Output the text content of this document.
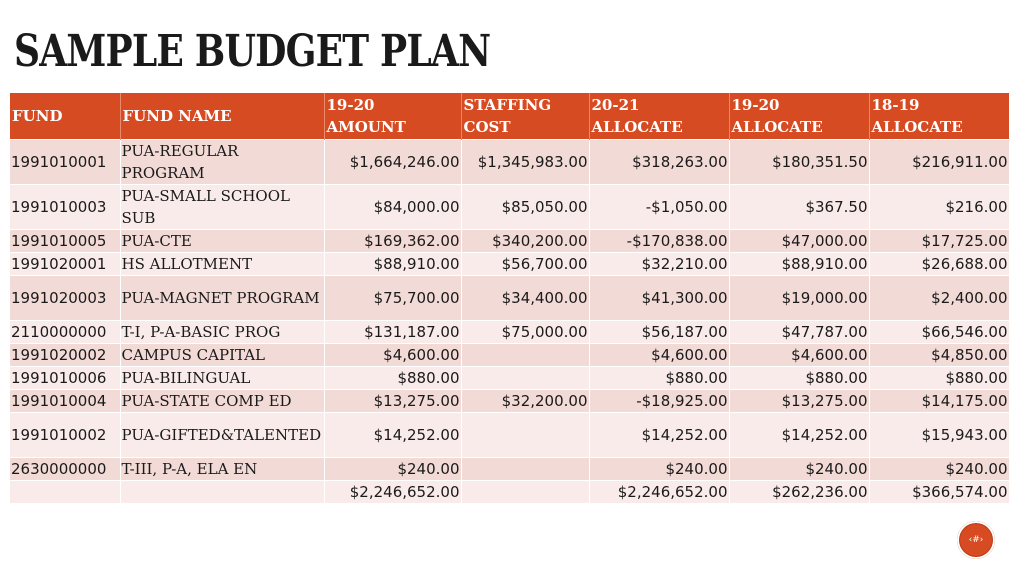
SAMPLE BUDGET PLAN
FUND	FUND NAME	19-20 AMOUNT	STAFFING COST	20-21 ALLOCATE	19-20 ALLOCATE	18-19 ALLOCATE
1991010001	PUA-REGULAR PROGRAM	$1,664,246.00	$1,345,983.00	$318,263.00	$180,351.50	$216,911.00
1991010003	PUA-SMALL SCHOOL SUB	$84,000.00	$85,050.00	-$1,050.00	$367.50	$216.00
1991010005	PUA-CTE	$169,362.00	$340,200.00	-$170,838.00	$47,000.00	$17,725.00
1991020001	HS ALLOTMENT	$88,910.00	$56,700.00	$32,210.00	$88,910.00	$26,688.00
1991020003	PUA-MAGNET PROGRAM	$75,700.00	$34,400.00	$41,300.00	$19,000.00	$2,400.00
2110000000	T-I, P-A-BASIC PROG	$131,187.00	$75,000.00	$56,187.00	$47,787.00	$66,546.00
1991020002	CAMPUS CAPITAL	$4,600.00		$4,600.00	$4,600.00	$4,850.00
1991010006	PUA-BILINGUAL	$880.00		$880.00	$880.00	$880.00
1991010004	PUA-STATE COMP ED	$13,275.00	$32,200.00	-$18,925.00	$13,275.00	$14,175.00
1991010002	PUA-GIFTED&TALENTED	$14,252.00		$14,252.00	$14,252.00	$15,943.00
2630000000	T-III, P-A, ELA EN	$240.00		$240.00	$240.00	$240.00
		$2,246,652.00		$2,246,652.00	$262,236.00	$366,574.00
‹#›
